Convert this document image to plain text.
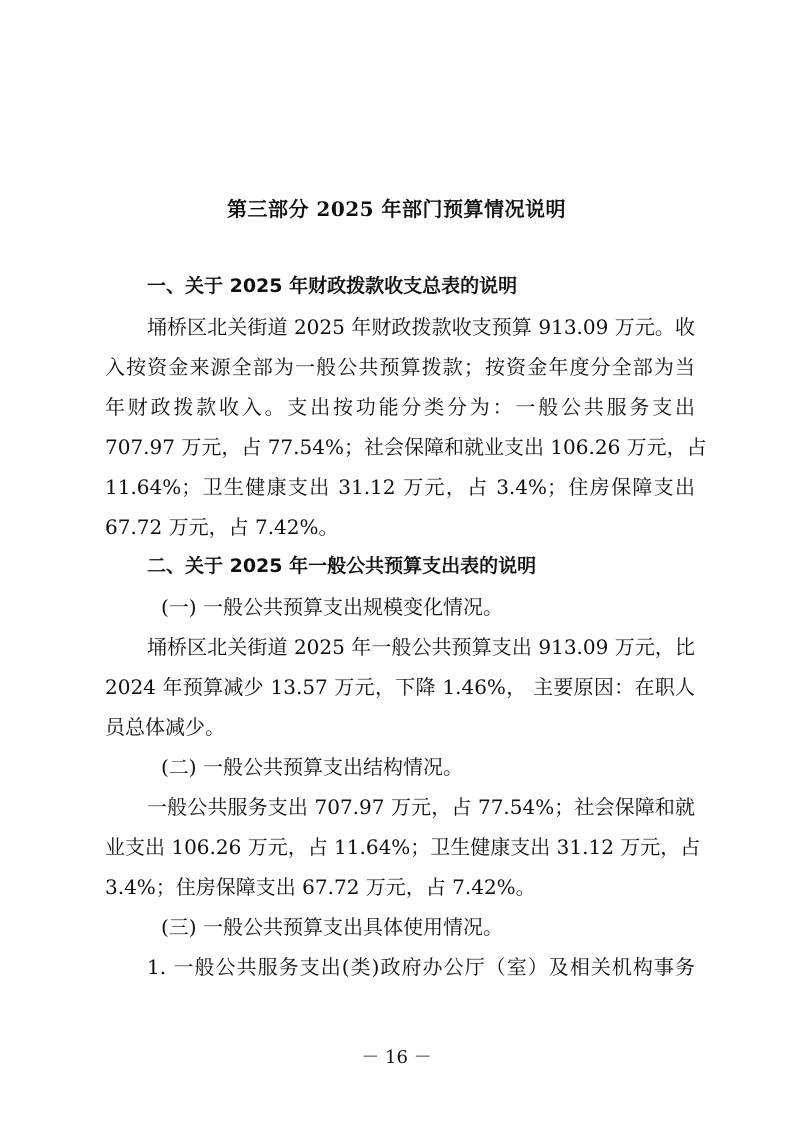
第三部分 2025 年部门预算情况说明
一、关于 2025 年财政拨款收支总表的说明
埇桥区北关街道 2025 年财政拨款收支预算 913.09 万元。收
入按资金来源全部为一般公共预算拨款；按资金年度分全部为当
年财政拨款收入。支出按功能分类分为：一般公共服务支出
707.97 万元，占 77.54%；社会保障和就业支出 106.26 万元，占
11.64%；卫生健康支出 31.12 万元，占 3.4%；住房保障支出
67.72 万元，占 7.42%。
二、关于 2025 年一般公共预算支出表的说明
(一) 一般公共预算支出规模变化情况。
埇桥区北关街道 2025 年一般公共预算支出 913.09 万元，比
2024 年预算减少 13.57 万元，下降 1.46%， 主要原因：在职人
员总体减少。
(二) 一般公共预算支出结构情况。
一般公共服务支出 707.97 万元，占 77.54%；社会保障和就
业支出 106.26 万元，占 11.64%；卫生健康支出 31.12 万元，占
3.4%；住房保障支出 67.72 万元，占 7.42%。
(三) 一般公共预算支出具体使用情况。
1. 一般公共服务支出(类)政府办公厅（室）及相关机构事务
－ 16 －
